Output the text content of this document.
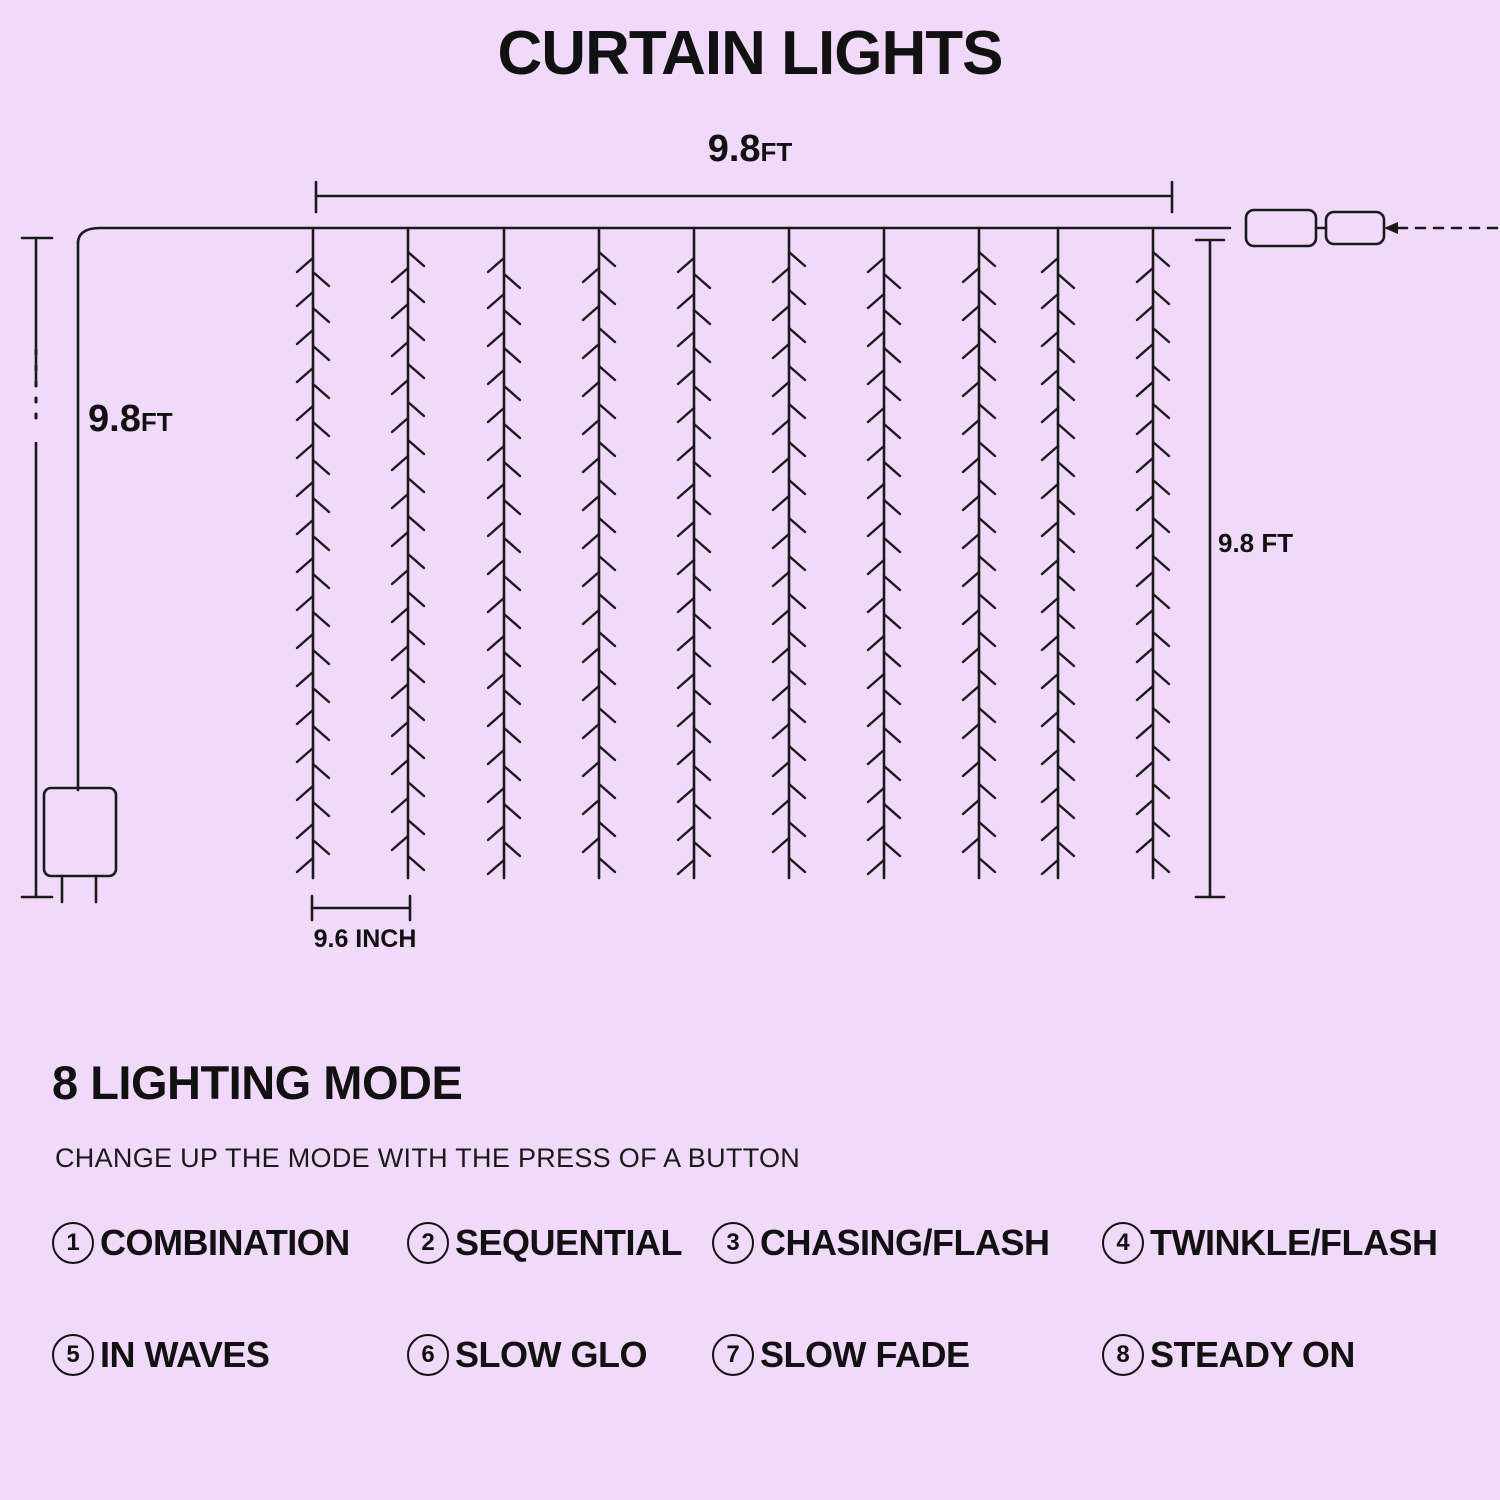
CURTAIN LIGHTS
9.8FT
9.8FT
9.8 FT
9.6 INCH
8 LIGHTING MODE
CHANGE UP THE MODE WITH THE PRESS OF A BUTTON
1 COMBINATION	2 SEQUENTIAL	3 CHASING/FLASH	4 TWINKLE/FLASH
5 IN WAVES	6 SLOW GLO	7 SLOW FADE	8 STEADY ON
